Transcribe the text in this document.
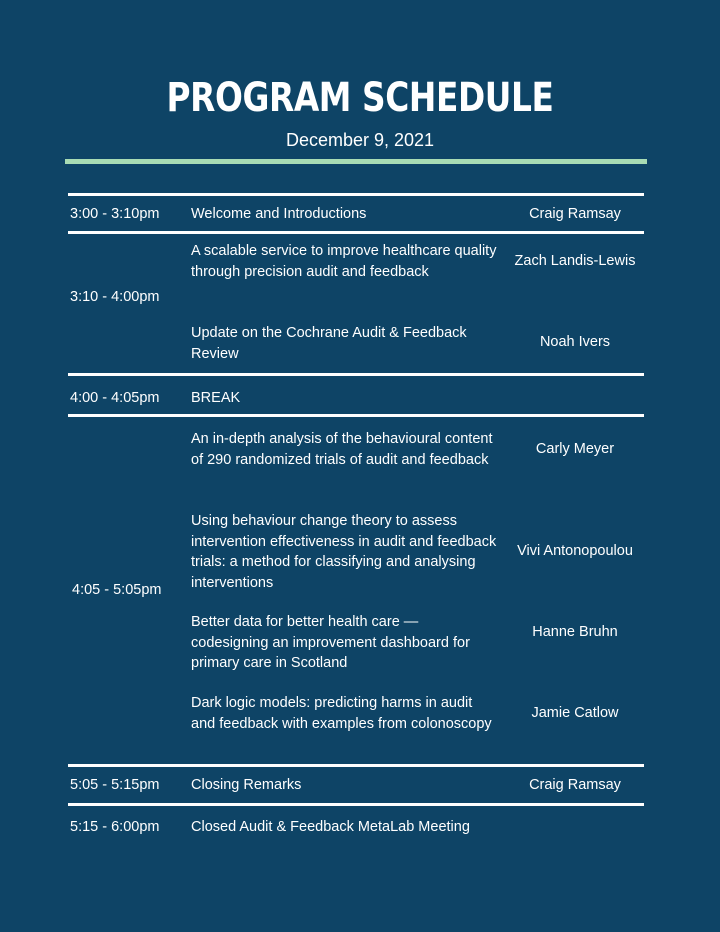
PROGRAM SCHEDULE
December 9, 2021
3:00 - 3:10pm Welcome and Introductions	Craig Ramsay
3:10 - 4:00pm
A scalable service to improve healthcare quality through precision audit and feedback
Zach Landis-Lewis
Update on the Cochrane Audit & Feedback Review
Noah Ivers
4:00 - 4:05pm BREAK
4:05 - 5:05pm
An in-depth analysis of the behavioural content of 290 randomized trials of audit and feedback
Carly Meyer
Using behaviour change theory to assess intervention effectiveness in audit and feedback trials: a method for classifying and analysing interventions
Vivi Antonopoulou
Better data for better health care — codesigning an improvement dashboard for primary care in Scotland
Hanne Bruhn
Dark logic models: predicting harms in audit and feedback with examples from colonoscopy
Jamie Catlow
5:05 - 5:15pm Closing Remarks	Craig Ramsay
5:15 - 6:00pm Closed Audit & Feedback MetaLab Meeting
